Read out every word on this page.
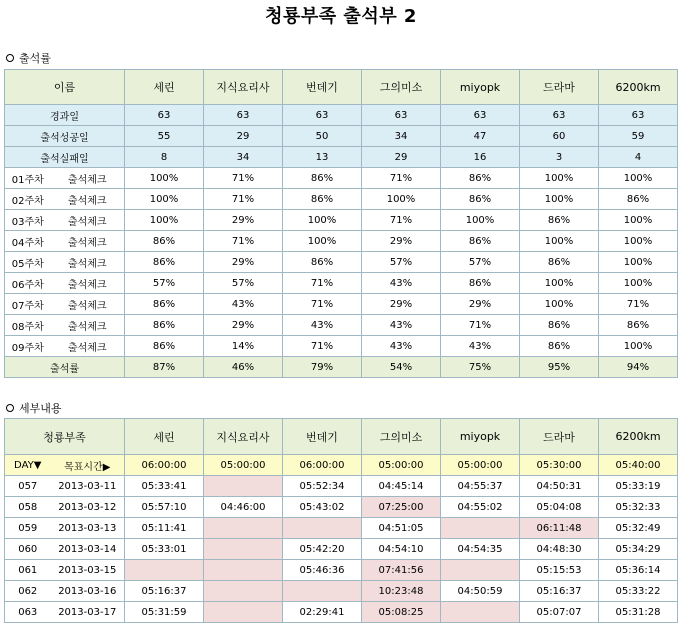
청룡부족 출석부 2
출석률
이름		세린	지식요리사	번데기	그의미소	miyopk	드라마	6200km
경과일		63	63	63	63	63	63	63
출석성공일		55	29	50	34	47	60	59
출석실패일		8	34	13	29	16	3	4
01주차	출석체크	100%	71%	86%	71%	86%	100%	100%
02주차	출석체크	100%	71%	86%	100%	86%	100%	86%
03주차	출석체크	100%	29%	100%	71%	100%	86%	100%
04주차	출석체크	86%	71%	100%	29%	86%	100%	100%
05주차	출석체크	86%	29%	86%	57%	57%	86%	100%
06주차	출석체크	57%	57%	71%	43%	86%	100%	100%
07주차	출석체크	86%	43%	71%	29%	29%	100%	71%
08주차	출석체크	86%	29%	43%	43%	71%	86%	86%
09주차	출석체크	86%	14%	71%	43%	43%	86%	100%
출석률		87%	46%	79%	54%	75%	95%	94%
세부내용
청룡부족		세린	지식요리사	번데기	그의미소	miyopk	드라마	6200km
DAY▼	목표시간▶	06:00:00	05:00:00	06:00:00	05:00:00	05:00:00	05:30:00	05:40:00
057	2013-03-11	05:33:41		05:52:34	04:45:14	04:55:37	04:50:31	05:33:19
058	2013-03-12	05:57:10	04:46:00	05:43:02	07:25:00	04:55:02	05:04:08	05:32:33
059	2013-03-13	05:11:41			04:51:05		06:11:48	05:32:49
060	2013-03-14	05:33:01		05:42:20	04:54:10	04:54:35	04:48:30	05:34:29
061	2013-03-15			05:46:36	07:41:56		05:15:53	05:36:14
062	2013-03-16	05:16:37			10:23:48	04:50:59	05:16:37	05:33:22
063	2013-03-17	05:31:59		02:29:41	05:08:25		05:07:07	05:31:28
